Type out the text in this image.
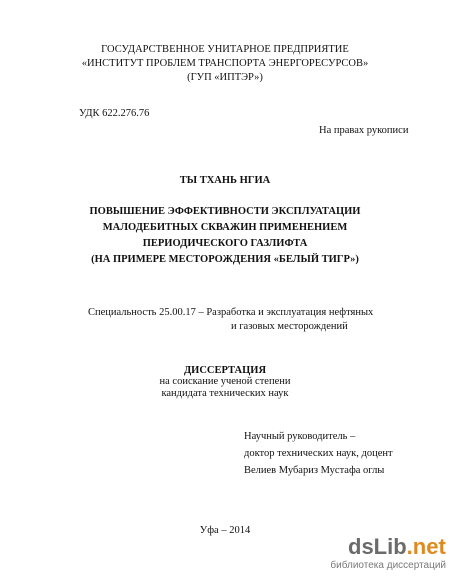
ГОСУДАРСТВЕННОЕ УНИТАРНОЕ ПРЕДПРИЯТИЕ
«ИНСТИТУТ ПРОБЛЕМ ТРАНСПОРТА ЭНЕРГОРЕСУРСОВ»
(ГУП «ИПТЭР»)
УДК 622.276.76
На правах рукописи
ТЫ ТХАНЬ НГИА
ПОВЫШЕНИЕ ЭФФЕКТИВНОСТИ ЭКСПЛУАТАЦИИ
МАЛОДЕБИТНЫХ СКВАЖИН ПРИМЕНЕНИЕМ
ПЕРИОДИЧЕСКОГО ГАЗЛИФТА
(НА ПРИМЕРЕ МЕСТОРОЖДЕНИЯ «БЕЛЫЙ ТИГР»)
Специальность 25.00.17 – Разработка и эксплуатация нефтяных
и газовых месторождений
ДИССЕРТАЦИЯ
на соискание ученой степени
кандидата технических наук
Научный руководитель –
доктор технических наук, доцент
Велиев Мубариз Мустафа оглы
Уфа – 2014
dsLib.net
библиотека диссертаций
